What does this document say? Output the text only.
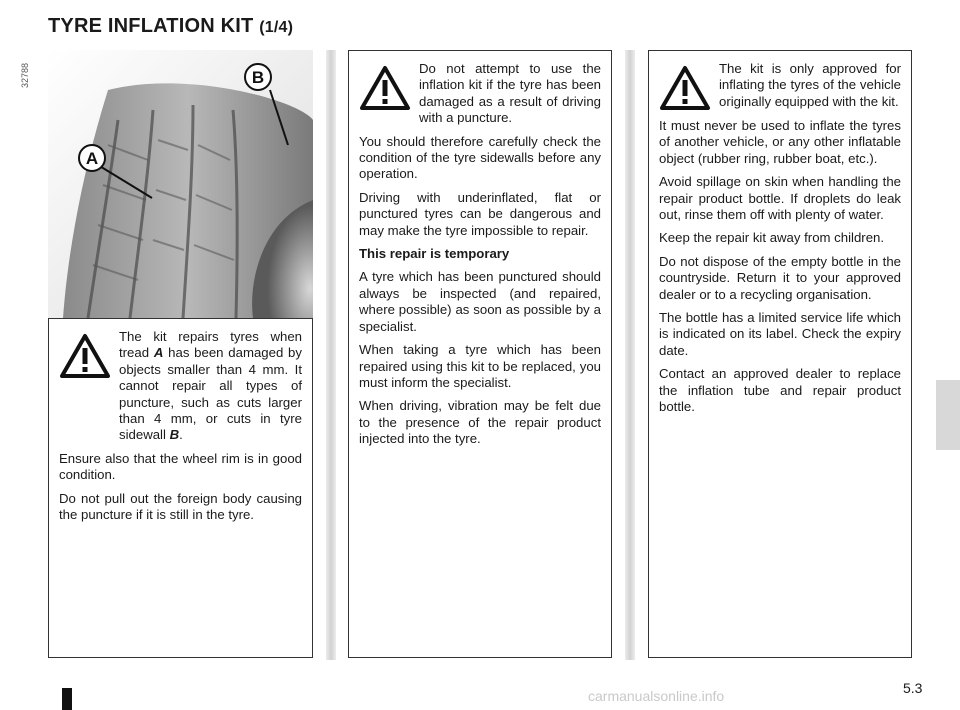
TYRE INFLATION KIT (1/4)
32788	B
A

The kit repairs tyres when tread A has been damaged by objects smaller than 4 mm. It cannot repair all types of puncture, such as cuts larger than 4 mm, or cuts in tyre sidewall B.

Ensure also that the wheel rim is in good condition.

Do not pull out the foreign body causing the puncture if it is still in the tyre.

Do not attempt to use the inflation kit if the tyre has been damaged as a result of driving with a puncture.

You should therefore carefully check the condition of the tyre sidewalls before any operation.

Driving with underinflated, flat or punctured tyres can be dangerous and may make the tyre impossible to repair.

This repair is temporary

A tyre which has been punctured should always be inspected (and repaired, where possible) as soon as possible by a specialist.

When taking a tyre which has been repaired using this kit to be replaced, you must inform the specialist.

When driving, vibration may be felt due to the presence of the repair product injected into the tyre.

The kit is only approved for inflating the tyres of the vehicle originally equipped with the kit.

It must never be used to inflate the tyres of another vehicle, or any other inflatable object (rubber ring, rubber boat, etc.).

Avoid spillage on skin when handling the repair product bottle. If droplets do leak out, rinse them off with plenty of water.

Keep the repair kit away from children.

Do not dispose of the empty bottle in the countryside. Return it to your approved dealer or to a recycling organisation.

The bottle has a limited service life which is indicated on its label. Check the expiry date.

Contact an approved dealer to replace the inflation tube and repair product bottle.

5.3
carmanualsonline.info
